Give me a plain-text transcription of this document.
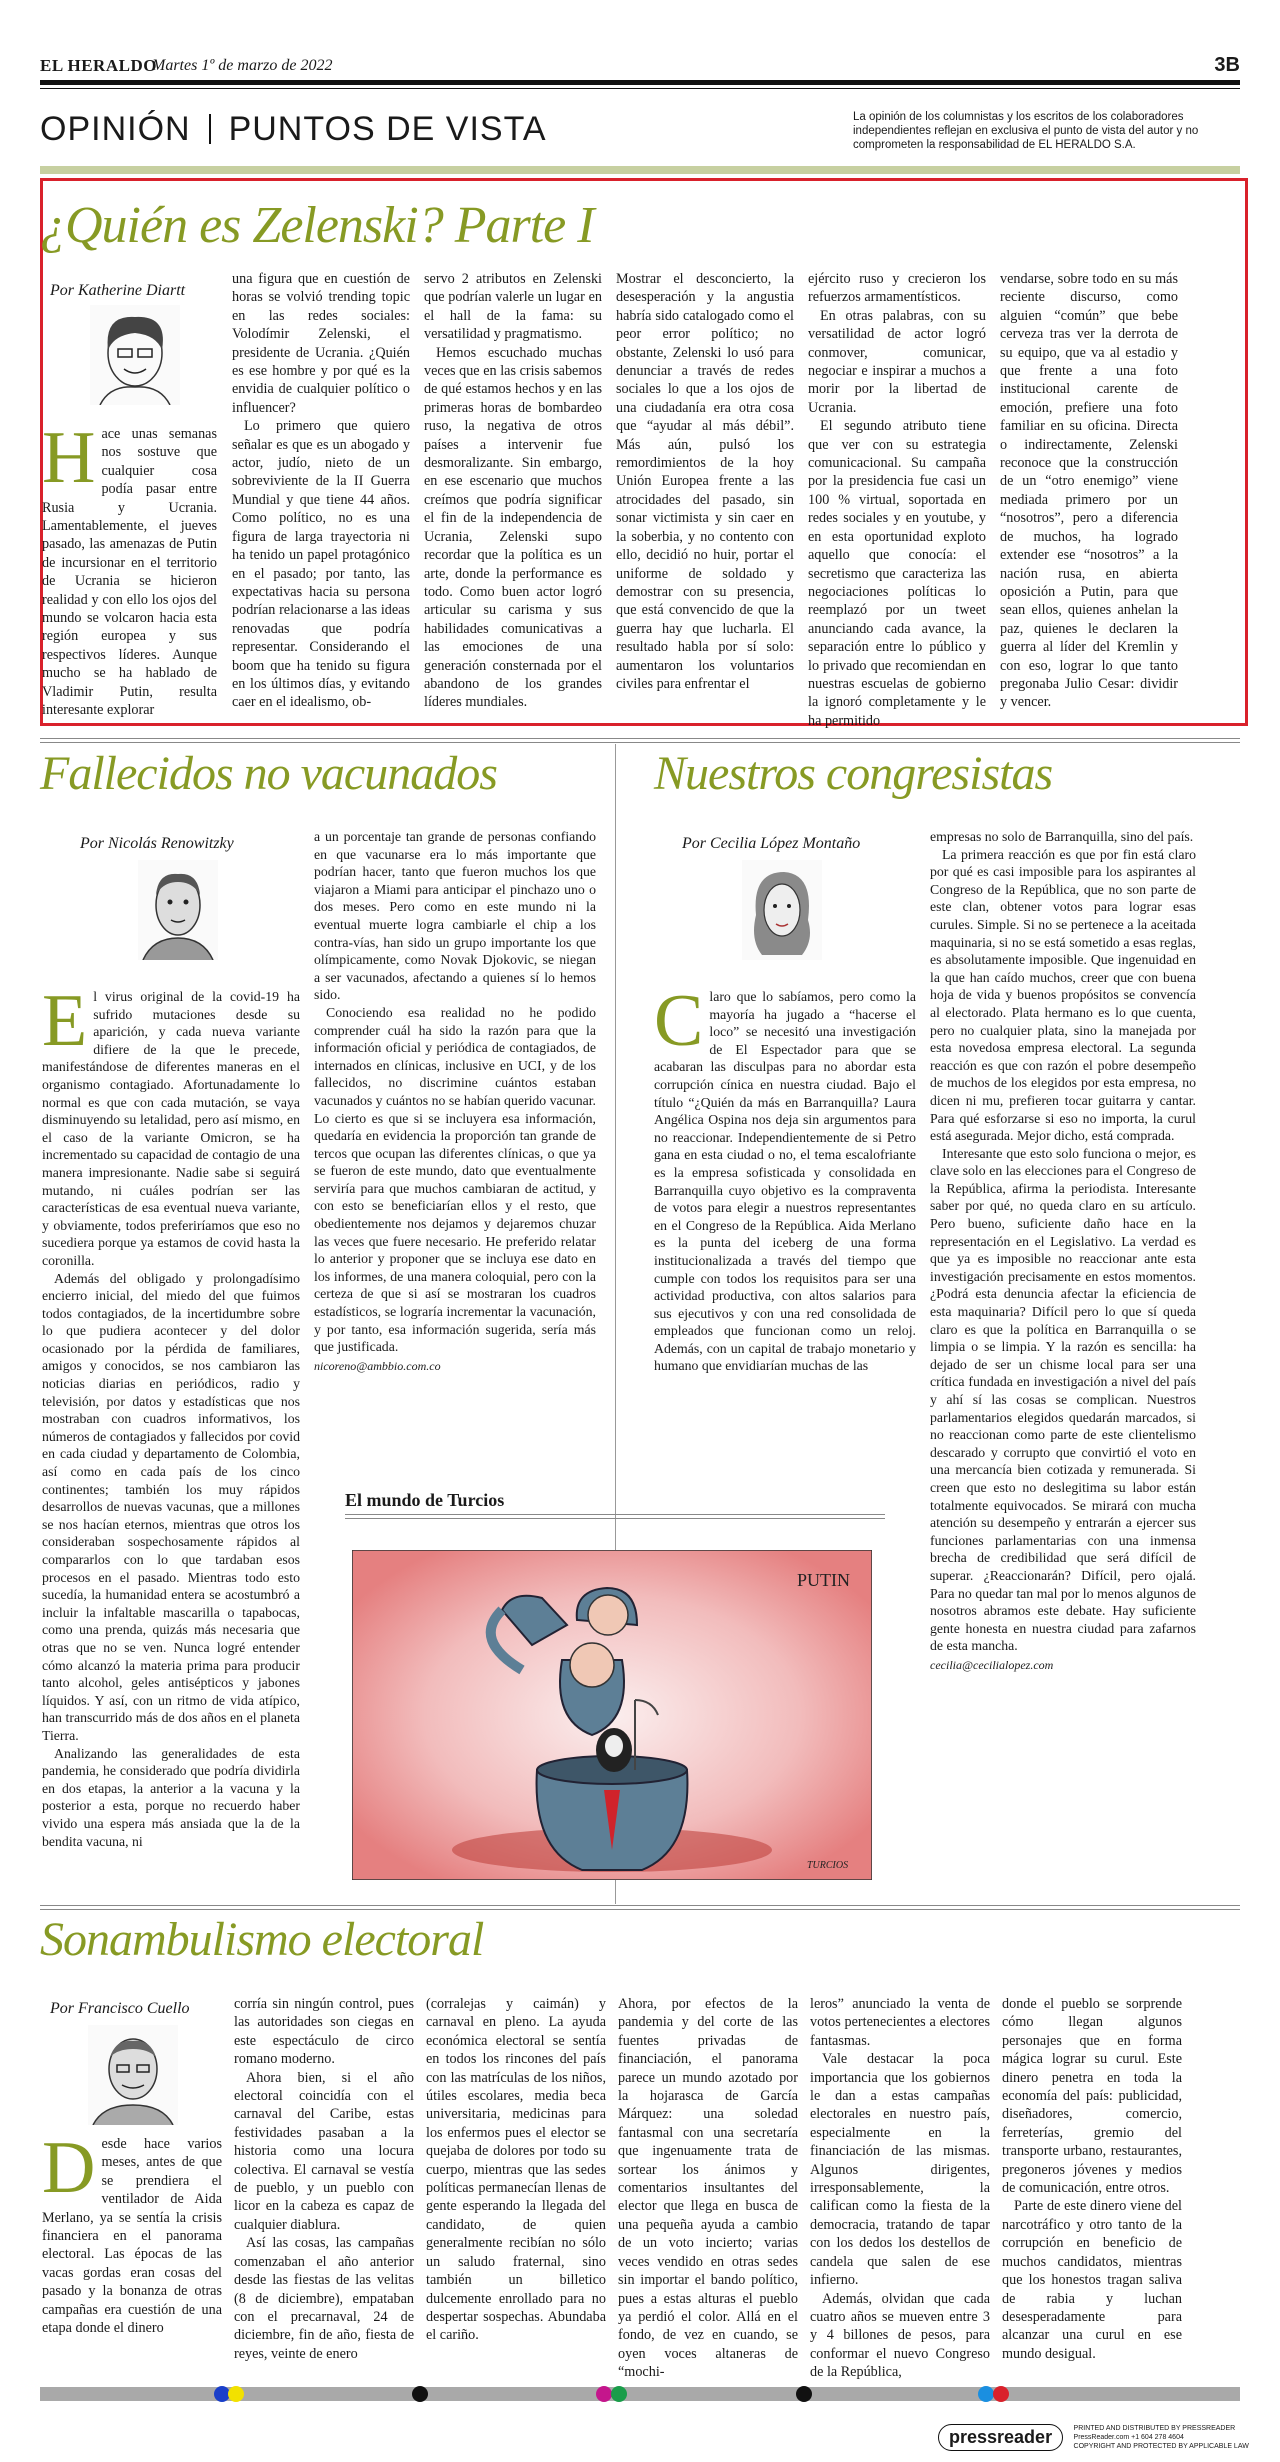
EL HERALDO
Martes 1º de marzo de 2022	3B
OPINIÓN PUNTOS DE VISTA	La opinión de los columnistas y los escritos de los colaboradores independientes reflejan en exclusiva el punto de vista del autor y no comprometen la responsabilidad de EL HERALDO S.A.
¿Quién es Zelenski? Parte I
Por Katherine Diartt
Hace unas semanas nos sostuve que cualquier cosa podía pasar entre Rusia y Ucrania. Lamentablemente, el jueves pasado, las amenazas de Putin de incursionar en el territorio de Ucrania se hicieron realidad y con ello los ojos del mundo se volcaron hacia esta región europea y sus respectivos líderes. Aunque mucho se ha hablado de Vladimir Putin, resulta interesante explorar

una figura que en cuestión de horas se volvió trending topic en las redes sociales: Volodímir Zelenski, el presidente de Ucrania. ¿Quién es ese hombre y por qué es la envidia de cualquier político o influencer?

Lo primero que quiero señalar es que es un abogado y actor, judío, nieto de un sobreviviente de la II Guerra Mundial y que tiene 44 años. Como político, no es una figura de larga trayectoria ni ha tenido un papel protagónico en el pasado; por tanto, las expectativas hacia su persona podrían relacionarse a las ideas renovadas que podría representar. Considerando el boom que ha tenido su figura en los últimos días, y evitando caer en el idealismo, ob-

servo 2 atributos en Zelenski que podrían valerle un lugar en el hall de la fama: su versatilidad y pragmatismo.

Hemos escuchado muchas veces que en las crisis sabemos de qué estamos hechos y en las primeras horas de bombardeo ruso, la negativa de otros países a intervenir fue desmoralizante. Sin embargo, en ese escenario que muchos creímos que podría significar el fin de la independencia de Ucrania, Zelenski supo recordar que la política es un arte, donde la performance es todo. Como buen actor logró articular su carisma y sus habilidades comunicativas a las emociones de una generación consternada por el abandono de los grandes líderes mundiales.

Mostrar el desconcierto, la desesperación y la angustia habría sido catalogado como el peor error político; no obstante, Zelenski lo usó para denunciar a través de redes sociales lo que a los ojos de una ciudadanía era otra cosa que “ayudar al más débil”. Más aún, pulsó los remordimientos de la hoy Unión Europea frente a las atrocidades del pasado, sin sonar victimista y sin caer en la soberbia, y no contento con ello, decidió no huir, portar el uniforme de soldado y demostrar con su presencia, que está convencido de que la guerra hay que lucharla. El resultado habla por sí solo: aumentaron los voluntarios civiles para enfrentar el

ejército ruso y crecieron los refuerzos armamentísticos.

En otras palabras, con su versatilidad de actor logró conmover, comunicar, negociar e inspirar a muchos a morir por la libertad de Ucrania.

El segundo atributo tiene que ver con su estrategia comunicacional. Su campaña por la presidencia fue casi un 100 % virtual, soportada en redes sociales y en youtube, y en esta oportunidad exploto aquello que conocía: el secretismo que caracteriza las negociaciones políticas lo reemplazó por un tweet anunciando cada avance, la separación entre lo público y lo privado que recomiendan en nuestras escuelas de gobierno la ignoró completamente y le ha permitido

vendarse, sobre todo en su más reciente discurso, como alguien “común” que bebe cerveza tras ver la derrota de su equipo, que va al estadio y que frente a una foto institucional carente de emoción, prefiere una foto familiar en su oficina. Directa o indirectamente, Zelenski reconoce que la construcción de un “otro enemigo” viene mediada primero por un “nosotros”, pero a diferencia de muchos, ha logrado extender ese “nosotros” a la nación rusa, en abierta oposición a Putin, para que sean ellos, quienes anhelan la paz, quienes le declaren la guerra al líder del Kremlin y con eso, lograr lo que tanto pregonaba Julio Cesar: dividir y vencer.

Fallecidos no vacunados
Por Nicolás Renowitzky
El virus original de la covid-19 ha sufrido mutaciones desde su aparición, y cada nueva variante difiere de la que le precede, manifestándose de diferentes maneras en el organismo contagiado. Afortunadamente lo normal es que con cada mutación, se vaya disminuyendo su letalidad, pero así mismo, en el caso de la variante Omicron, se ha incrementado su capacidad de contagio de una manera impresionante. Nadie sabe si seguirá mutando, ni cuáles podrían ser las características de esa eventual nueva variante, y obviamente, todos preferiríamos que eso no sucediera porque ya estamos de covid hasta la coronilla.

Además del obligado y prolongadísimo encierro inicial, del miedo del que fuimos todos contagiados, de la incertidumbre sobre lo que pudiera acontecer y del dolor ocasionado por la pérdida de familiares, amigos y conocidos, se nos cambiaron las noticias diarias en periódicos, radio y televisión, por datos y estadísticas que nos mostraban con cuadros informativos, los números de contagiados y fallecidos por covid en cada ciudad y departamento de Colombia, así como en cada país de los cinco continentes; también los muy rápidos desarrollos de nuevas vacunas, que a millones se nos hacían eternos, mientras que otros los consideraban sospechosamente rápidos al compararlos con lo que tardaban esos procesos en el pasado. Mientras todo esto sucedía, la humanidad entera se acostumbró a incluir la infaltable mascarilla o tapabocas, como una prenda, quizás más necesaria que otras que no se ven. Nunca logré entender cómo alcanzó la materia prima para producir tanto alcohol, geles antisépticos y jabones líquidos. Y así, con un ritmo de vida atípico, han transcurrido más de dos años en el planeta Tierra.

Analizando las generalidades de esta pandemia, he considerado que podría dividirla en dos etapas, la anterior a la vacuna y la posterior a esta, porque no recuerdo haber vivido una espera más ansiada que la de la bendita vacuna, ni

a un porcentaje tan grande de personas confiando en que vacunarse era lo más importante que podrían hacer, tanto que fueron muchos los que viajaron a Miami para anticipar el pinchazo uno o dos meses. Pero como en este mundo ni la eventual muerte logra cambiarle el chip a los contra-vías, han sido un grupo importante los que olímpicamente, como Novak Djokovic, se niegan a ser vacunados, afectando a quienes sí lo hemos sido.

Conociendo esa realidad no he podido comprender cuál ha sido la razón para que la información oficial y periódica de contagiados, de internados en clínicas, inclusive en UCI, y de los fallecidos, no discrimine cuántos estaban vacunados y cuántos no se habían querido vacunar. Lo cierto es que si se incluyera esa información, quedaría en evidencia la proporción tan grande de tercos que ocupan las diferentes clínicas, o que ya se fueron de este mundo, dato que eventualmente serviría para que muchos cambiaran de actitud, y con esto se beneficiarían ellos y el resto, que obedientemente nos dejamos y dejaremos chuzar las veces que fuere necesario. He preferido relatar lo anterior y proponer que se incluya ese dato en los informes, de una manera coloquial, pero con la certeza de que si así se mostraran los cuadros estadísticos, se lograría incrementar la vacunación, y por tanto, esa información sugerida, sería más que justificada.

nicoreno@ambbio.com.co

El mundo de Turcios
PUTIN
TURCIOS
Nuestros congresistas
Por Cecilia López Montaño
Claro que lo sabíamos, pero como la mayoría ha jugado a “hacerse el loco” se necesitó una investigación de El Espectador para que se acabaran las disculpas para no abordar esta corrupción cínica en nuestra ciudad. Bajo el título “¿Quién da más en Barranquilla? Laura Angélica Ospina nos deja sin argumentos para no reaccionar. Independientemente de si Petro gana en esta ciudad o no, el tema escalofriante es la empresa sofisticada y consolidada en Barranquilla cuyo objetivo es la compraventa de votos para elegir a nuestros representantes en el Congreso de la República. Aida Merlano es la punta del iceberg de una forma institucionalizada a través del tiempo que cumple con todos los requisitos para ser una actividad productiva, con altos salarios para sus ejecutivos y con una red consolidada de empleados que funcionan como un reloj. Además, con un capital de trabajo monetario y humano que envidiarían muchas de las

empresas no solo de Barranquilla, sino del país.

La primera reacción es que por fin está claro por qué es casi imposible para los aspirantes al Congreso de la República, que no son parte de este clan, obtener votos para lograr esas curules. Simple. Si no se pertenece a la aceitada maquinaria, si no se está sometido a esas reglas, es absolutamente imposible. Que ingenuidad en la que han caído muchos, creer que con buena hoja de vida y buenos propósitos se convencía al electorado. Plata hermano es lo que cuenta, pero no cualquier plata, sino la manejada por esta novedosa empresa electoral. La segunda reacción es que con razón el pobre desempeño de muchos de los elegidos por esta empresa, no dicen ni mu, prefieren tocar guitarra y cantar. Para qué esforzarse si eso no importa, la curul está asegurada. Mejor dicho, está comprada.

Interesante que esto solo funciona o mejor, es clave solo en las elecciones para el Congreso de la República, afirma la periodista. Interesante saber por qué, no queda claro en su artículo. Pero bueno, suficiente daño hace en la representación en el Legislativo. La verdad es que ya es imposible no reaccionar ante esta investigación precisamente en estos momentos. ¿Podrá esta denuncia afectar la eficiencia de esta maquinaria? Difícil pero lo que sí queda claro es que la política en Barranquilla o se limpia o se limpia. Y la razón es sencilla: ha dejado de ser un chisme local para ser una crítica fundada en investigación a nivel del país y ahí sí las cosas se complican. Nuestros parlamentarios elegidos quedarán marcados, si no reaccionan como parte de este clientelismo descarado y corrupto que convirtió el voto en una mercancía bien cotizada y remunerada. Si creen que esto no deslegitima su labor están totalmente equivocados. Se mirará con mucha atención su desempeño y entrarán a ejercer sus funciones parlamentarias con una inmensa brecha de credibilidad que será difícil de superar. ¿Reaccionarán? Difícil, pero ojalá. Para no quedar tan mal por lo menos algunos de nosotros abramos este debate. Hay suficiente gente honesta en nuestra ciudad para zafarnos de esta mancha.

cecilia@cecilialopez.com

Sonambulismo electoral
Por Francisco Cuello
Desde hace varios meses, antes de que se prendiera el ventilador de Aida Merlano, ya se sentía la crisis financiera en el panorama electoral. Las épocas de las vacas gordas eran cosas del pasado y la bonanza de otras campañas era cuestión de una etapa donde el dinero

corría sin ningún control, pues las autoridades son ciegas en este espectáculo de circo romano moderno.

Ahora bien, si el año electoral coincidía con el carnaval del Caribe, estas festividades pasaban a la historia como una locura colectiva. El carnaval se vestía de pueblo, y un pueblo con licor en la cabeza es capaz de cualquier diablura.

Así las cosas, las campañas comenzaban el año anterior desde las fiestas de las velitas (8 de diciembre), empataban con el precarnaval, 24 de diciembre, fin de año, fiesta de reyes, veinte de enero

(corralejas y caimán) y carnaval en pleno. La ayuda económica electoral se sentía en todos los rincones del país con las matrículas de los niños, útiles escolares, media beca universitaria, medicinas para los enfermos pues el elector se quejaba de dolores por todo su cuerpo, mientras que las sedes políticas permanecían llenas de gente esperando la llegada del candidato, de quien generalmente recibían no sólo un saludo fraternal, sino también un billetico dulcemente enrollado para no despertar sospechas. Abundaba el cariño.

Ahora, por efectos de la pandemia y del corte de las fuentes privadas de financiación, el panorama parece un mundo azotado por la hojarasca de García Márquez: una soledad fantasmal con una secretaría que ingenuamente trata de sortear los ánimos y comentarios insultantes del elector que llega en busca de una pequeña ayuda a cambio de un voto incierto; varias veces vendido en otras sedes sin importar el bando político, pues a estas alturas el pueblo ya perdió el color. Allá en el fondo, de vez en cuando, se oyen voces altaneras de “mochi-

leros” anunciado la venta de votos pertenecientes a electores fantasmas.

Vale destacar la poca importancia que los gobiernos le dan a estas campañas electorales en nuestro país, especialmente en la financiación de las mismas. Algunos dirigentes, irresponsablemente, la califican como la fiesta de la democracia, tratando de tapar con los dedos los destellos de candela que salen de ese infierno.

Además, olvidan que cada cuatro años se mueven entre 3 y 4 billones de pesos, para conformar el nuevo Congreso de la República,

donde el pueblo se sorprende cómo llegan algunos personajes que en forma mágica lograr su curul. Este dinero penetra en toda la economía del país: publicidad, diseñadores, comercio, ferreterías, gremio del transporte urbano, restaurantes, pregoneros jóvenes y medios de comunicación, entre otros.

Parte de este dinero viene del narcotráfico y otro tanto de la corrupción en beneficio de muchos candidatos, mientras que los honestos tragan saliva de rabia y luchan desesperadamente para alcanzar una curul en ese mundo desigual.

pressreader	PRINTED AND DISTRIBUTED BY PRESSREADER
PressReader.com +1 604 278 4604
COPYRIGHT AND PROTECTED BY APPLICABLE LAW
